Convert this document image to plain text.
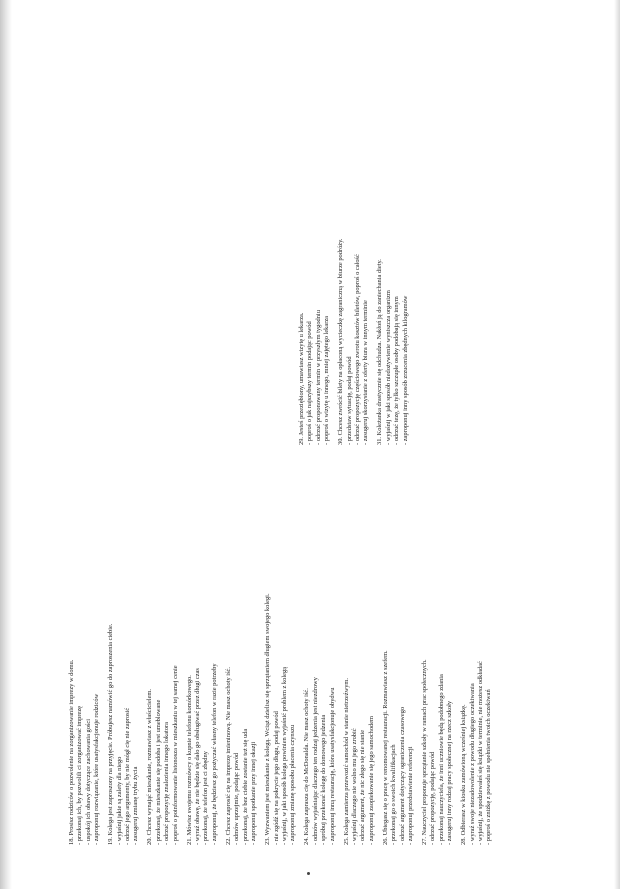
18. Prosisz rodziców o pozwolenie na zorganizowanie imprezy w domu. - przekonaj ich, by pozwolili ci zorganizować imprezę - uspokój ich obawy dotyczące zachowania gości - zaproponuj rozwiązanie, które usatysfakcjonuje rodziców 19. Kolega jest zaproszony na przyjęcie. Próbujesz namówić go do zaproszenia ciebie. - wyjaśnij jakie są zalety dla niego - odrzuć jego argumenty, by nie mógł cię nie zaprosić - zasugeruj zmianę trybu życia 20. Chcesz wynająć mieszkanie, rozmawiasz z właścicielem. - przekonaj, że mieszkanie się podoba i jest umeblowane - odrzuć propozycję znalezienia innego lokatora - poproś o poinformowanie listonosza w mieszkaniu w tej samej cenie 21. Mówisz swojemu rozmówcy o kupnie telefonu komórkowego. - wyraź obawę, że nie będzie się dało go obsługiwać przez długi czas - przekonaj, że telefon jest ci zbędny - zaproponuj, że będziesz go pożyczać własny telefon w razie potrzeby 22. Chcesz zaprosić cię na imprezę imieninową. Nie masz ochoty iść. - odmów uprzejmie, podając powód - przekonaj, że bez ciebie zostanie też się uda - zaproponuj spotkanie przy innej okazji 23. Wyzwaniem jest mieszkanie z kolegą. Wciąż dzielisz się sprzątaniem długiem swojego kolegi. - nie zgódź się na pokrycie jego długu, podaj powód - wyjaśnij, w jaki sposób kolega powinien wyjaśnić problem z kolegą - zaproponuj zmianę sposobu płacenia czynszu 24. Kolega zaprasza cię do McDonalda. Nie masz ochoty iść. - odmów wyjaśniając dlaczego ten rodzaj jedzenia jest niezdrowy - spróbuj przekonać kolegę do domowego jedzenia - zaproponuj inną restaurację, która usatysfakcjonuje obydwu 25. Kolega zamierza przewozić samochód w stanie nietrzeźwym. - wyjaśnij dlaczego nie wolno mu jego zrobić - odrzuć argument, że nic złego się nie stanie - zaproponuj zaopiekowanie się jego samochodem 26. Ubiegasz się o pracę w renomowanej restauracji. Rozmawiasz z szefem. - przekonaj go o swoich kwalifikacjach - odrzuć argument dotyczący ograniczenia czasowego - zaproponuj przedstawienie referencji 27. Nauczyciel proponuje sprzątanie szkoły w ramach prac społecznych. - odrzuć propozycję, podając powód - przekonaj nauczyciela, że inni uczniowie będą podobnego zdania - zasugeruj inny rodzaj pracy społecznej na rzecz szkoły 28. Odbierasz w kiosku zamówioną wcześniej książkę. - wyraź swoje niezadowolenie z powodu długiego oczekiwania - wyjaśnij, że spodziewałeś się książki w terminie, nie możesz odkładać - poproś o zniżkę z powodu nie spełnienia twoich oczekiwań
29. Jesteś przeziębiony, umawiasz wizytę u lekarza. - poproś o jak najszybszy termin podając powód - odrzuć proponowany termin w przyszłym tygodniu - poproś o wizytę u innego, mniej zajętego lekarza 30. Chcesz zwrócić bilety na opłaconą wycieczkę zagraniczną w biurze podróży. - przedstaw sytuację, podaj powód - odrzuć propozycję częściowego zwrotu kosztów biletów, poproś o całość - zasugeruj skorzystanie z oferty biura w innym terminie 31. Koleżanka drastycznie się odchudza. Nakłoń ją do zaniechania diety. - wyjaśnij w jaki sposób niedożywienie wyniszcza organizm - odrzuć tezę, że tylko szczupłe osoby podobają się innym - zaproponuj inny sposób zrzucenia zbędnych kilogramów
